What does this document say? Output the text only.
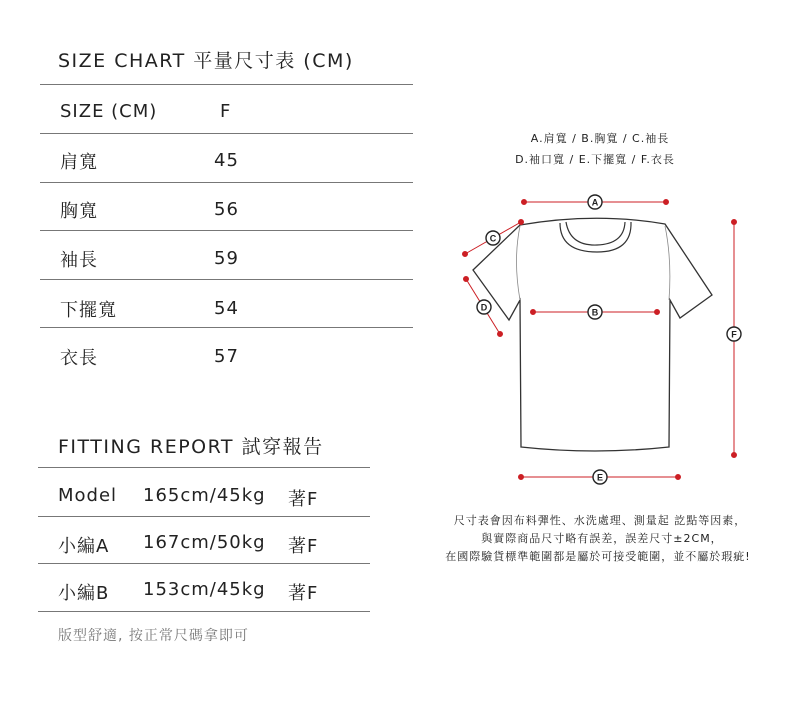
SIZE CHART 平量尺寸表 (CM)
SIZE (CM)	F
肩寬	45
胸寬	56
袖長	59
下擺寬	54
衣長	57
FITTING REPORT 試穿報告
Model 165cm/45kg 著F
小編A 167cm/50kg 著F
小編B 153cm/45kg 著F
版型舒適, 按正常尺碼拿即可
A.肩寬 / B.胸寬 / C.袖長
D.袖口寬 / E.下擺寬 / F.衣長
A
C
D	B
F
E
尺寸表會因布料彈性、水洗處理、測量起 訖點等因素，
與實際商品尺寸略有誤差，誤差尺寸±2CM，
在國際驗貨標準範圍都是屬於可接受範圍，並不屬於瑕疵!
